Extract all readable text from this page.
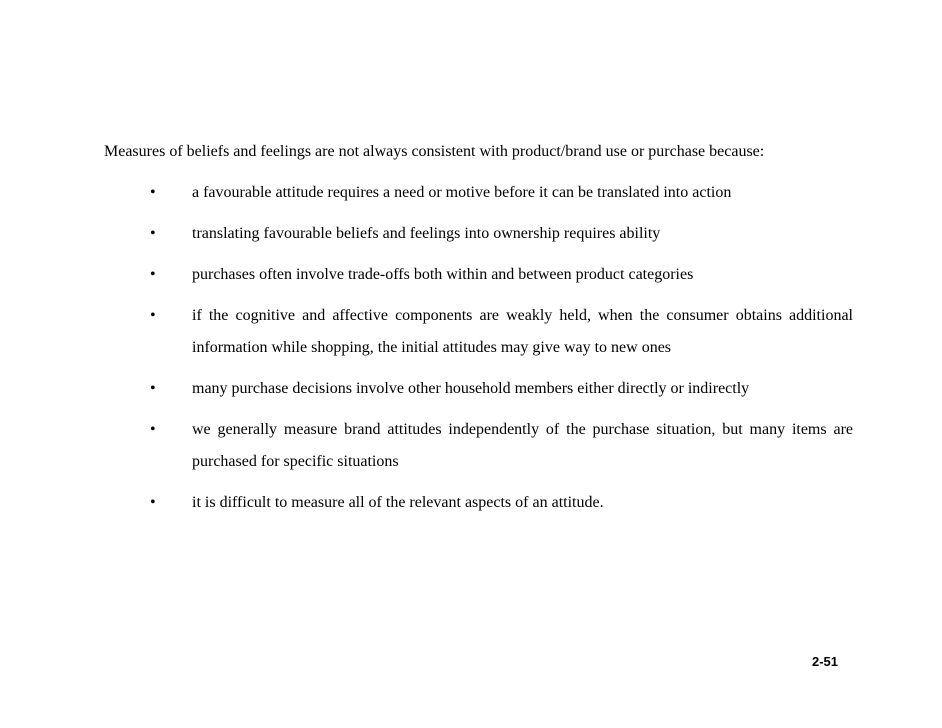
Measures of beliefs and feelings are not always consistent with product/brand use or purchase because:

•	a favourable attitude requires a need or motive before it can be translated into action
•	translating favourable beliefs and feelings into ownership requires ability
•	purchases often involve trade-offs both within and between product categories
•	if the cognitive and affective components are weakly held, when the consumer obtains additional information while shopping, the initial attitudes may give way to new ones
•	many purchase decisions involve other household members either directly or indirectly
•	we generally measure brand attitudes independently of the purchase situation, but many items are purchased for specific situations
•	it is difficult to measure all of the relevant aspects of an attitude.
2-51
